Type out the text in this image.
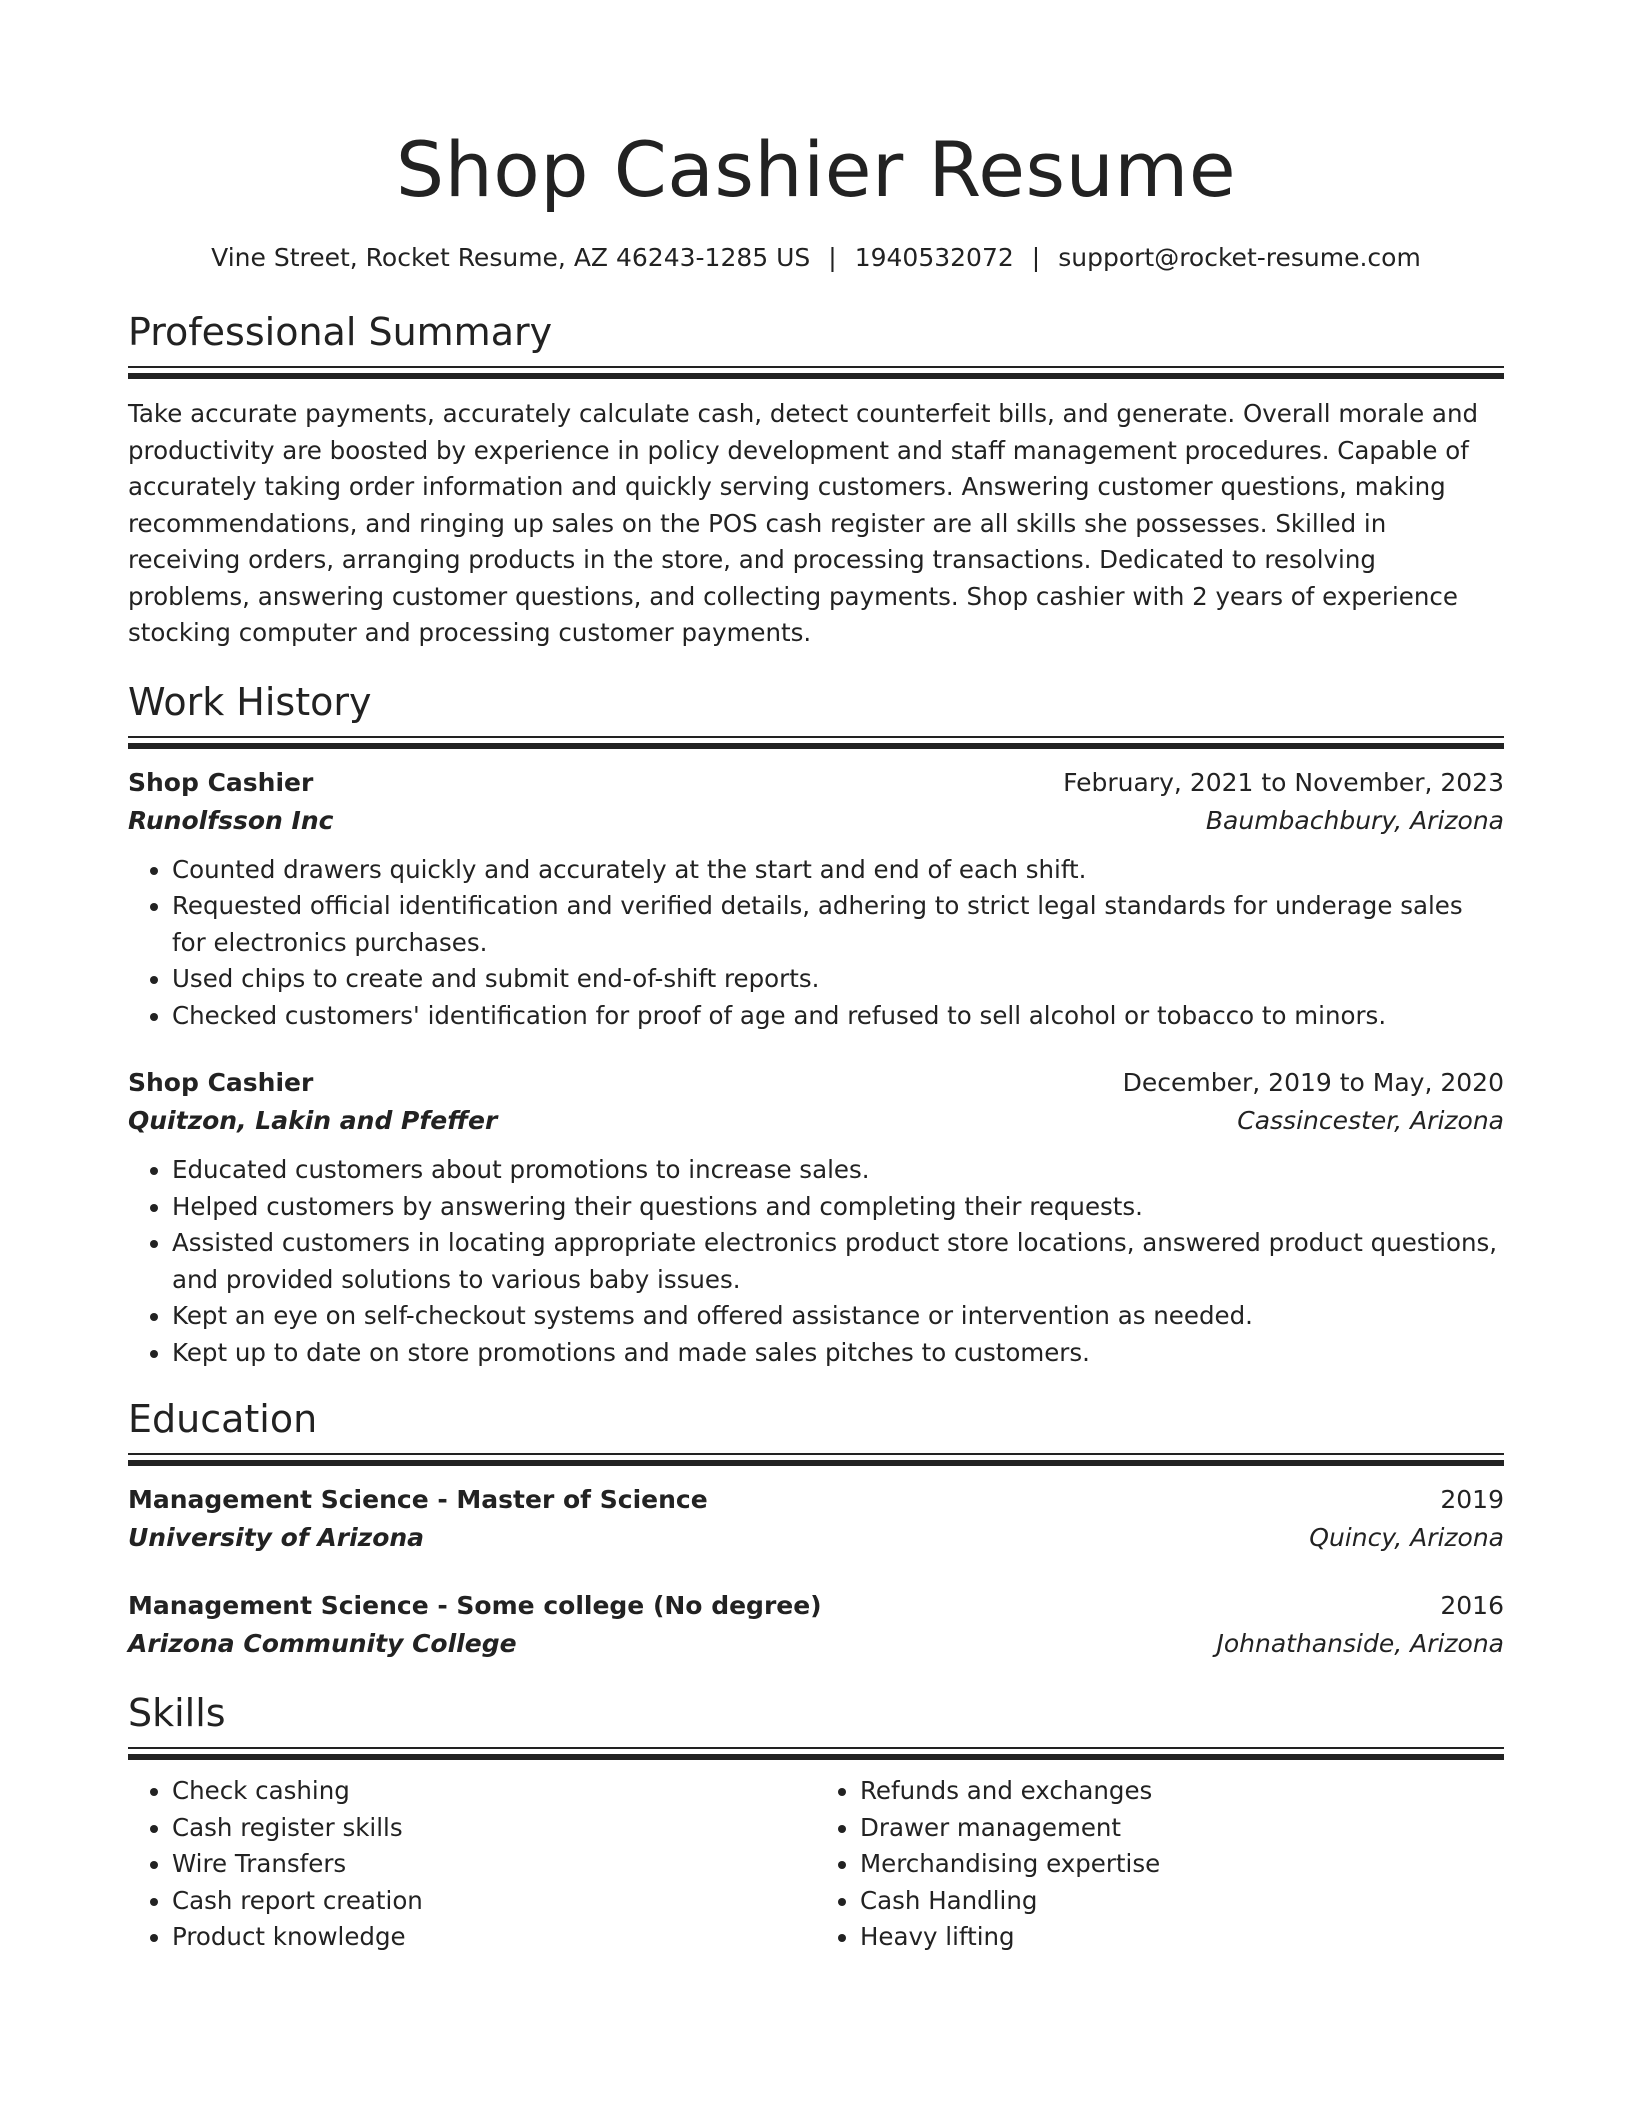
Shop Cashier Resume
Vine Street, Rocket Resume, AZ 46243-1285 US | 1940532072 | support@rocket-resume.com
Professional Summary
Take accurate payments, accurately calculate cash, detect counterfeit bills, and generate. Overall morale and productivity are boosted by experience in policy development and staff management procedures. Capable of accurately taking order information and quickly serving customers. Answering customer questions, making recommendations, and ringing up sales on the POS cash register are all skills she possesses. Skilled in receiving orders, arranging products in the store, and processing transactions. Dedicated to resolving problems, answering customer questions, and collecting payments. Shop cashier with 2 years of experience stocking computer and processing customer payments.
Work History
Shop Cashier	February, 2021 to November, 2023
Runolfsson Inc	Baumbachbury, Arizona
• Counted drawers quickly and accurately at the start and end of each shift.
• Requested official identification and verified details, adhering to strict legal standards for underage sales for electronics purchases.
• Used chips to create and submit end-of-shift reports.
• Checked customers' identification for proof of age and refused to sell alcohol or tobacco to minors.
Shop Cashier	December, 2019 to May, 2020
Quitzon, Lakin and Pfeffer	Cassincester, Arizona
• Educated customers about promotions to increase sales.
• Helped customers by answering their questions and completing their requests.
• Assisted customers in locating appropriate electronics product store locations, answered product questions, and provided solutions to various baby issues.
• Kept an eye on self-checkout systems and offered assistance or intervention as needed.
• Kept up to date on store promotions and made sales pitches to customers.
Education
Management Science - Master of Science	2019
University of Arizona	Quincy, Arizona
Management Science - Some college (No degree)	2016
Arizona Community College	Johnathanside, Arizona
Skills
• Check cashing
• Cash register skills
• Wire Transfers
• Cash report creation
• Product knowledge
• Refunds and exchanges
• Drawer management
• Merchandising expertise
• Cash Handling
• Heavy lifting
